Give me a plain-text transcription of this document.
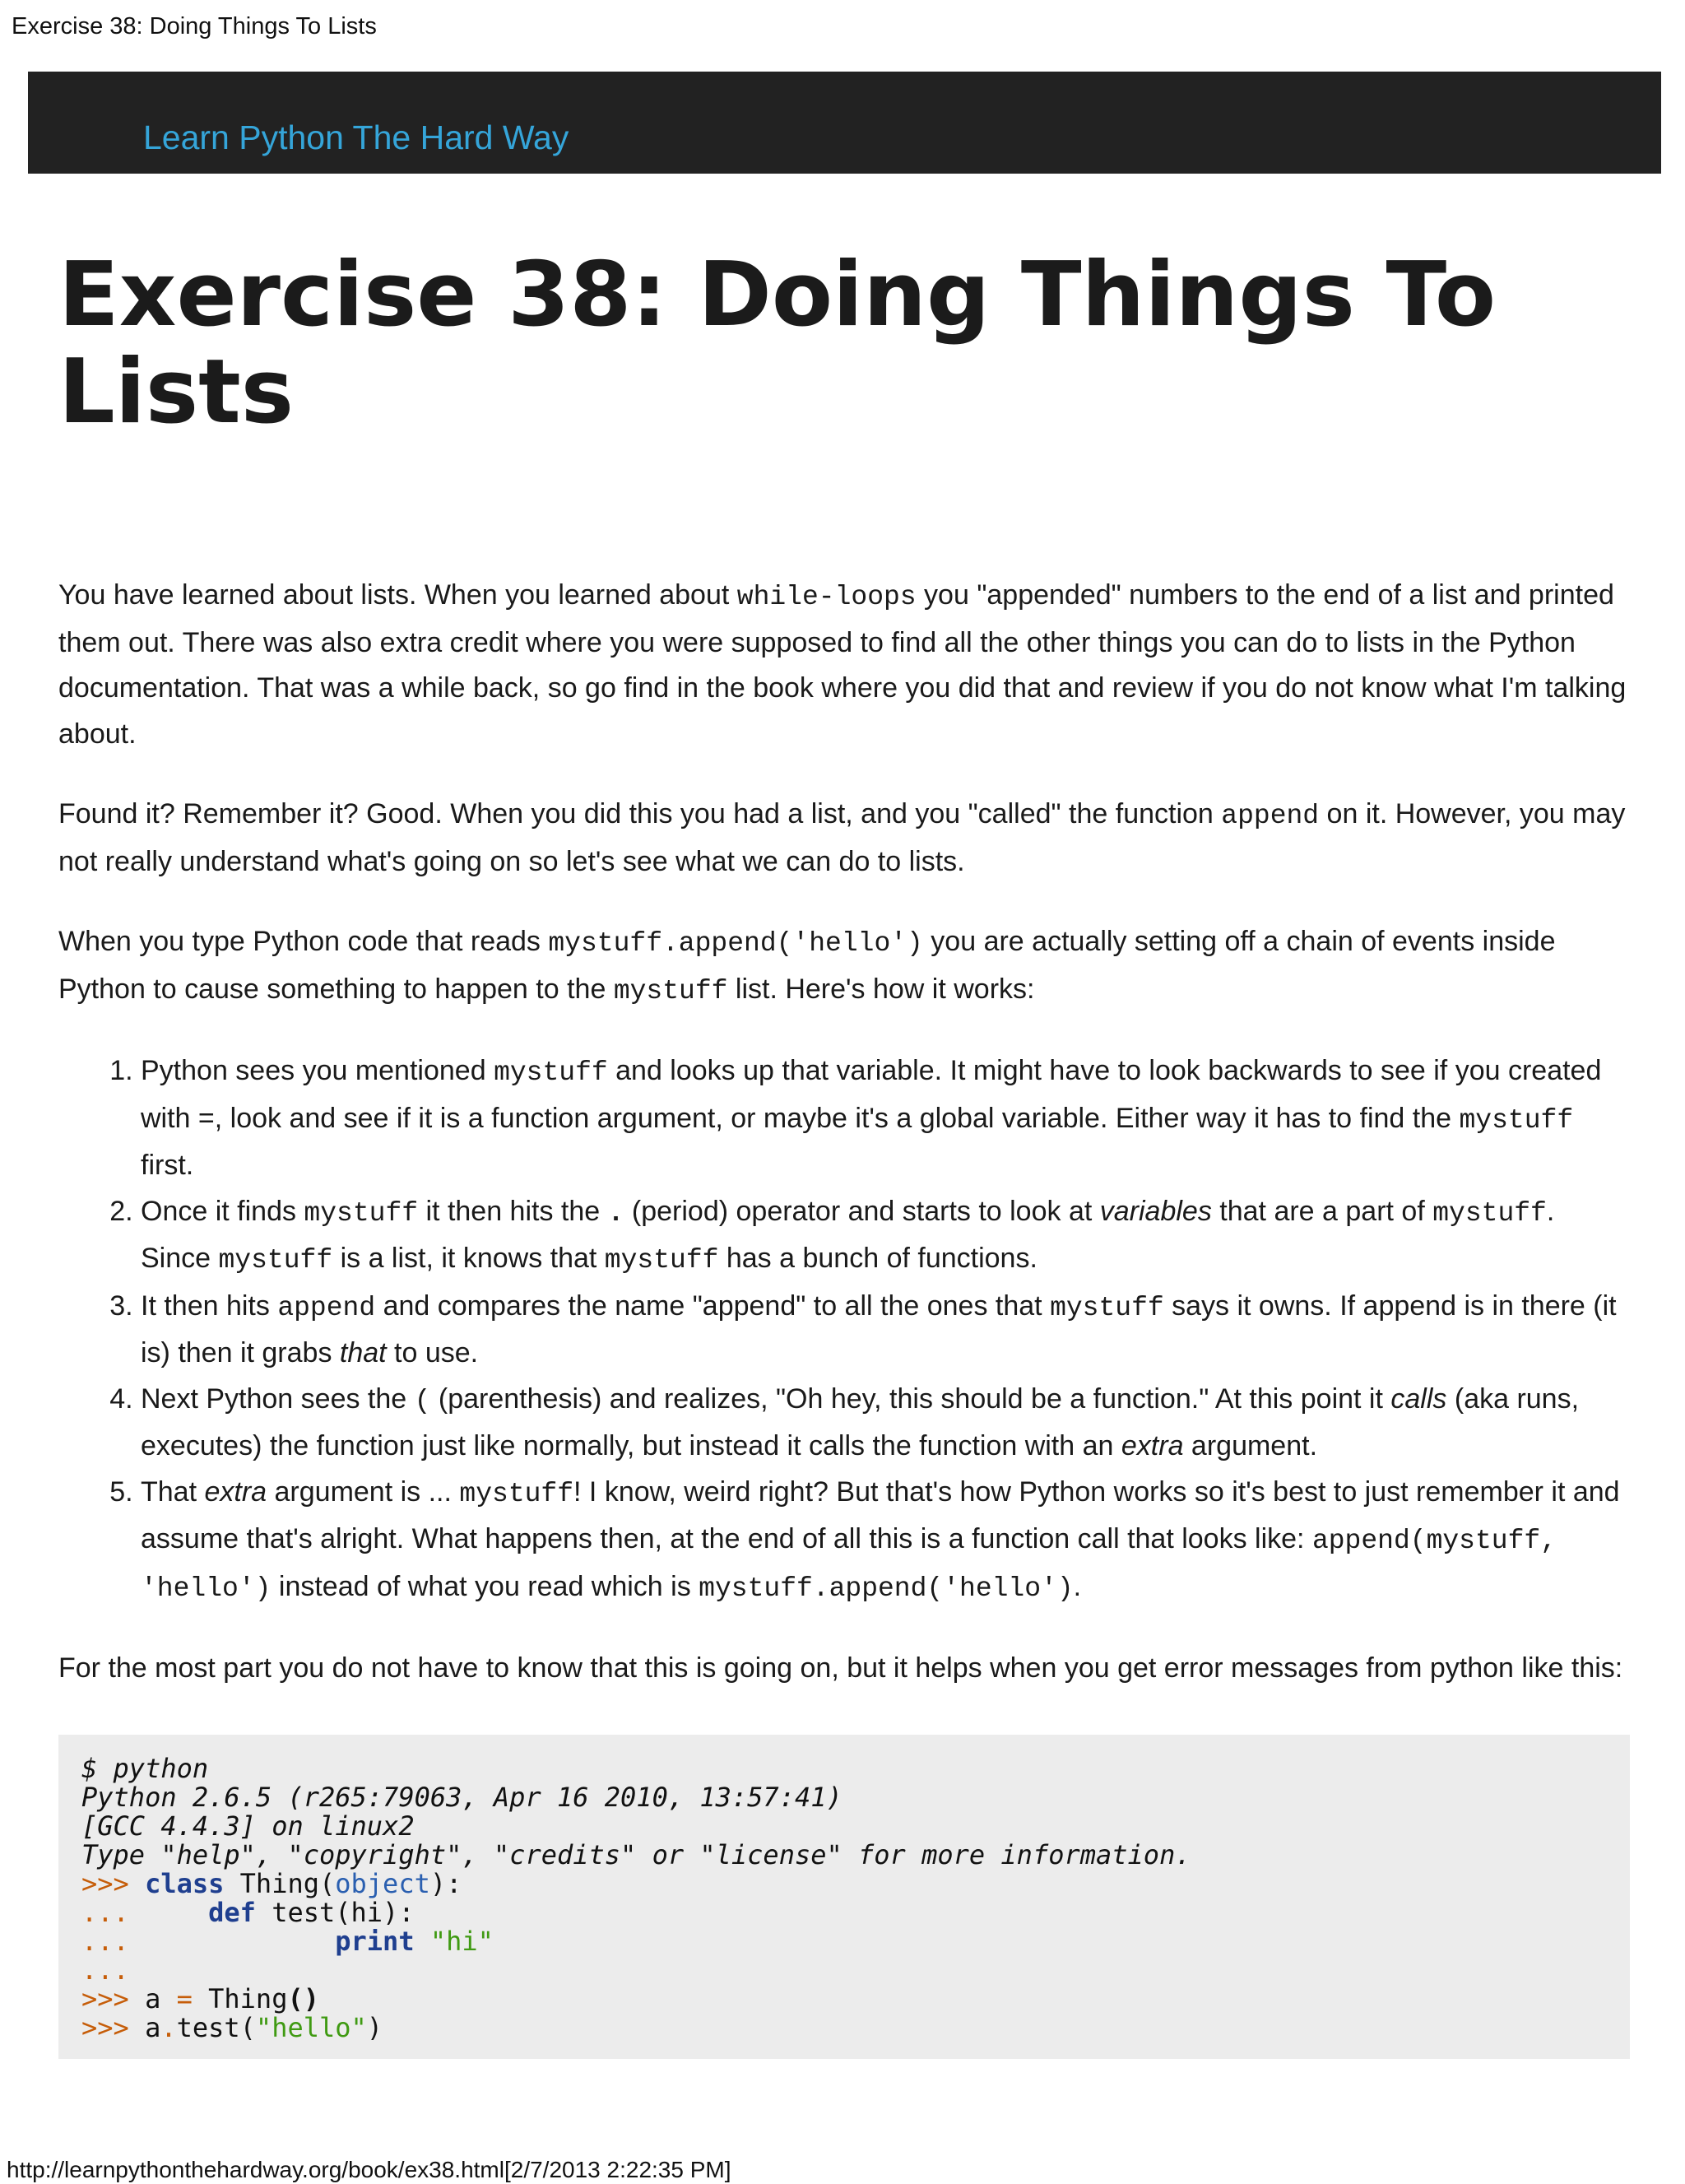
Exercise 38: Doing Things To Lists
Learn Python The Hard Way
Exercise 38: Doing Things To Lists

You have learned about lists. When you learned about while-loops you "appended" numbers to the end of a list and printed them out. There was also extra credit where you were supposed to find all the other things you can do to lists in the Python documentation. That was a while back, so go find in the book where you did that and review if you do not know what I'm talking about.

Found it? Remember it? Good. When you did this you had a list, and you "called" the function append on it. However, you may not really understand what's going on so let's see what we can do to lists.

When you type Python code that reads mystuff.append('hello') you are actually setting off a chain of events inside Python to cause something to happen to the mystuff list. Here's how it works:

1. Python sees you mentioned mystuff and looks up that variable. It might have to look backwards to see if you created with =, look and see if it is a function argument, or maybe it's a global variable. Either way it has to find the mystuff first.
2. Once it finds mystuff it then hits the . (period) operator and starts to look at variables that are a part of mystuff. Since mystuff is a list, it knows that mystuff has a bunch of functions.
3. It then hits append and compares the name "append" to all the ones that mystuff says it owns. If append is in there (it is) then it grabs that to use.
4. Next Python sees the ( (parenthesis) and realizes, "Oh hey, this should be a function." At this point it calls (aka runs, executes) the function just like normally, but instead it calls the function with an extra argument.
5. That extra argument is ... mystuff! I know, weird right? But that's how Python works so it's best to just remember it and assume that's alright. What happens then, at the end of all this is a function call that looks like: append(mystuff, 'hello') instead of what you read which is mystuff.append('hello').

For the most part you do not have to know that this is going on, but it helps when you get error messages from python like this:

$ python
Python 2.6.5 (r265:79063, Apr 16 2010, 13:57:41)
[GCC 4.4.3] on linux2
Type "help", "copyright", "credits" or "license" for more information.
>>> class Thing(object):
...	def test(hi):
...	print "hi"
...
>>> a = Thing()
>>> a.test("hello")
http://learnpythonthehardway.org/book/ex38.html[2/7/2013 2:22:35 PM]
